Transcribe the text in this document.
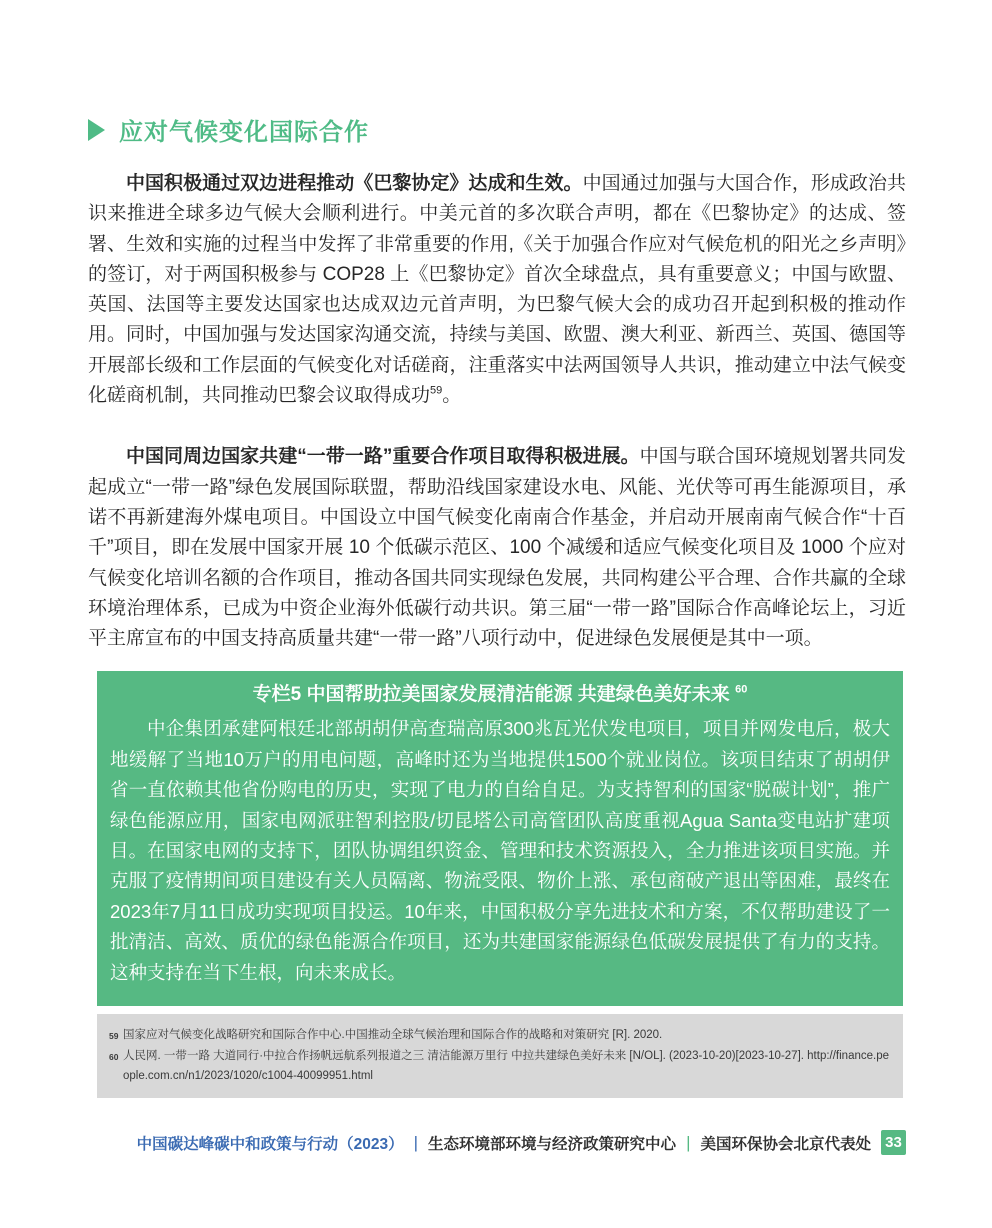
应对气候变化国际合作

中国积极通过双边进程推动《巴黎协定》达成和生效。中国通过加强与大国合作，形成政治共识来推进全球多边气候大会顺利进行。中美元首的多次联合声明，都在《巴黎协定》的达成、签署、生效和实施的过程当中发挥了非常重要的作用,《关于加强合作应对气候危机的阳光之乡声明》的签订，对于两国积极参与 COP28 上《巴黎协定》首次全球盘点，具有重要意义；中国与欧盟、英国、法国等主要发达国家也达成双边元首声明，为巴黎气候大会的成功召开起到积极的推动作用。同时，中国加强与发达国家沟通交流，持续与美国、欧盟、澳大利亚、新西兰、英国、德国等开展部长级和工作层面的气候变化对话磋商，注重落实中法两国领导人共识，推动建立中法气候变化磋商机制，共同推动巴黎会议取得成功$^{59}$。

中国同周边国家共建“一带一路”重要合作项目取得积极进展。中国与联合国环境规划署共同发起成立“一带一路”绿色发展国际联盟，帮助沿线国家建设水电、风能、光伏等可再生能源项目，承诺不再新建海外煤电项目。中国设立中国气候变化南南合作基金，并启动开展南南气候合作“十百千”项目，即在发展中国家开展 10 个低碳示范区、100 个减缓和适应气候变化项目及 1000 个应对气候变化培训名额的合作项目，推动各国共同实现绿色发展，共同构建公平合理、合作共赢的全球环境治理体系，已成为中资企业海外低碳行动共识。第三届“一带一路”国际合作高峰论坛上，习近平主席宣布的中国支持高质量共建“一带一路”八项行动中，促进绿色发展便是其中一项。

专栏5 中国帮助拉美国家发展清洁能源 共建绿色美好未来 $^{60}$

中企集团承建阿根廷北部胡胡伊高查瑞高原300兆瓦光伏发电项目，项目并网发电后，极大地缓解了当地10万户的用电问题，高峰时还为当地提供1500个就业岗位。该项目结束了胡胡伊省一直依赖其他省份购电的历史，实现了电力的自给自足。为支持智利的国家“脱碳计划”，推广绿色能源应用，国家电网派驻智利控股/切昆塔公司高管团队高度重视Agua Santa变电站扩建项目。在国家电网的支持下，团队协调组织资金、管理和技术资源投入，全力推进该项目实施。并克服了疫情期间项目建设有关人员隔离、物流受限、物价上涨、承包商破产退出等困难，最终在2023年7月11日成功实现项目投运。10年来，中国积极分享先进技术和方案，不仅帮助建设了一批清洁、高效、质优的绿色能源合作项目，还为共建国家能源绿色低碳发展提供了有力的支持。这种支持在当下生根，向未来成长。

59 国家应对气候变化战略研究和国际合作中心.中国推动全球气候治理和国际合作的战略和对策研究 [R]. 2020.
60 人民网. 一带一路 大道同行·中拉合作扬帆远航系列报道之三 清洁能源万里行 中拉共建绿色美好未来 [N/OL]. (2023-10-20)[2023-10-27]. http://finance.people.com.cn/n1/2023/1020/c1004-40099951.html
中国碳达峰碳中和政策与行动（2023） | 生态环境部环境与经济政策研究中心 | 美国环保协会北京代表处 33
